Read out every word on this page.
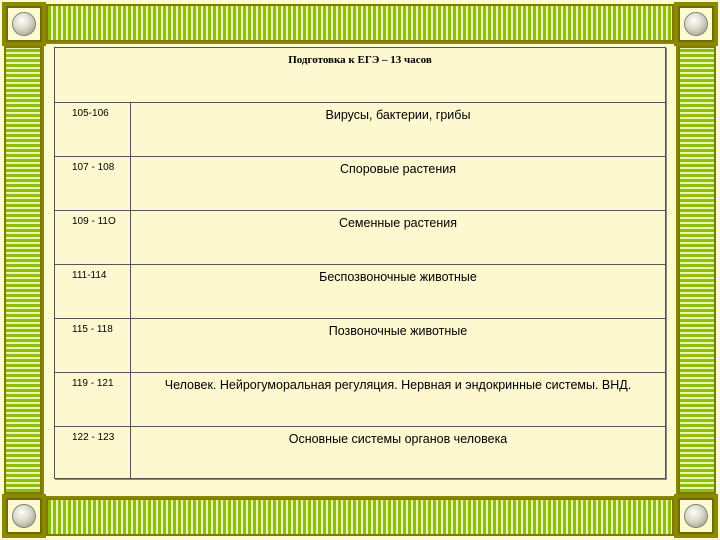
Подготовка к ЕГЭ – 13 часов
105-106	Вирусы, бактерии, грибы
107 - 108	Споровые растения
109 - 11О	Семенные растения
111-114	Беспозвоночные животные
115 - 118	Позвоночные животные
119 - 121	Человек. Нейрогуморальная регуляция. Нервная и эндокринные системы. ВНД.
122 - 123	Основные системы органов человека
